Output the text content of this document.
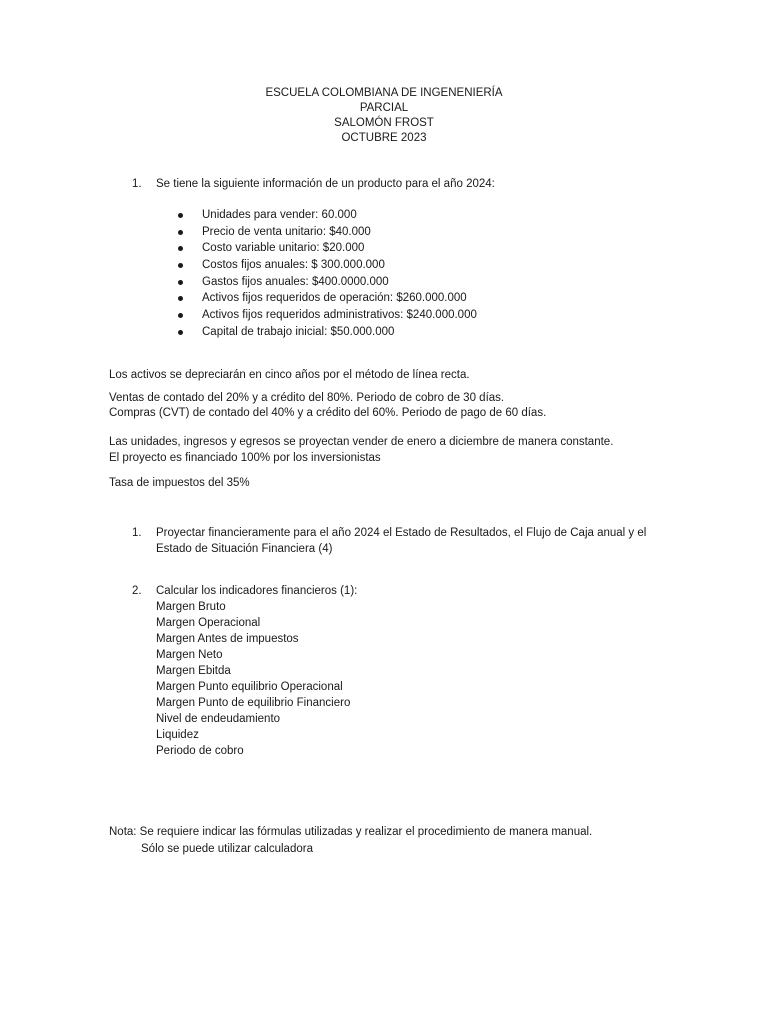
ESCUELA COLOMBIANA DE INGENENIERÍA
PARCIAL
SALOMÓN FROST
OCTUBRE 2023
1. Se tiene la siguiente información de un producto para el año 2024:
Unidades para vender: 60.000
Precio de venta unitario: $40.000
Costo variable unitario: $20.000
Costos fijos anuales: $ 300.000.000
Gastos fijos anuales: $400.0000.000
Activos fijos requeridos de operación: $260.000.000
Activos fijos requeridos administrativos: $240.000.000
Capital de trabajo inicial: $50.000.000
Los activos se depreciarán en cinco años por el método de línea recta.
Ventas de contado del 20% y a crédito del 80%. Periodo de cobro de 30 días.
Compras (CVT) de contado del 40% y a crédito del 60%. Periodo de pago de 60 días.
Las unidades, ingresos y egresos se proyectan vender de enero a diciembre de manera constante.
El proyecto es financiado 100% por los inversionistas
Tasa de impuestos del 35%
1. Proyectar financieramente para el año 2024 el Estado de Resultados, el Flujo de Caja anual y el Estado de Situación Financiera (4)
2. Calcular los indicadores financieros (1):
Margen Bruto
Margen Operacional
Margen Antes de impuestos
Margen Neto
Margen Ebitda
Margen Punto equilibrio Operacional
Margen Punto de equilibrio Financiero
Nivel de endeudamiento
Liquidez
Periodo de cobro
Nota: Se requiere indicar las fórmulas utilizadas y realizar el procedimiento de manera manual.
Sólo se puede utilizar calculadora
